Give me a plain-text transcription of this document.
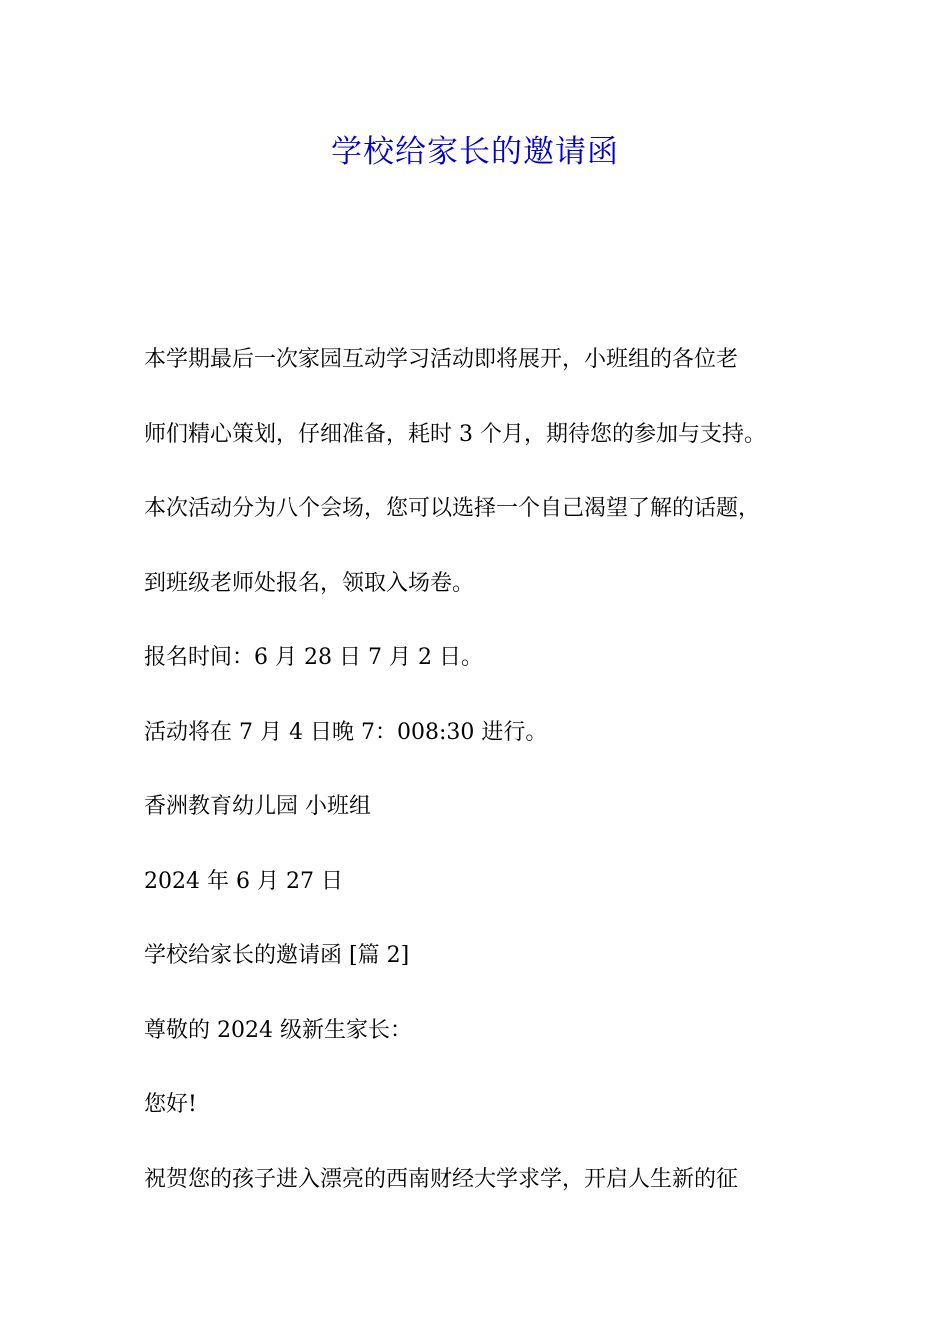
学校给家长的邀请函

本学期最后一次家园互动学习活动即将展开，小班组的各位老

师们精心策划，仔细准备，耗时 3 个月，期待您的参加与支持。

本次活动分为八个会场，您可以选择一个自己渴望了解的话题，

到班级老师处报名，领取入场卷。

报名时间：6 月 28 日 7 月 2 日。

活动将在 7 月 4 日晚 7：008:30 进行。

香洲教育幼儿园 小班组

2024 年 6 月 27 日

学校给家长的邀请函 [篇 2]

尊敬的 2024 级新生家长：

您好!

祝贺您的孩子进入漂亮的西南财经大学求学，开启人生新的征
